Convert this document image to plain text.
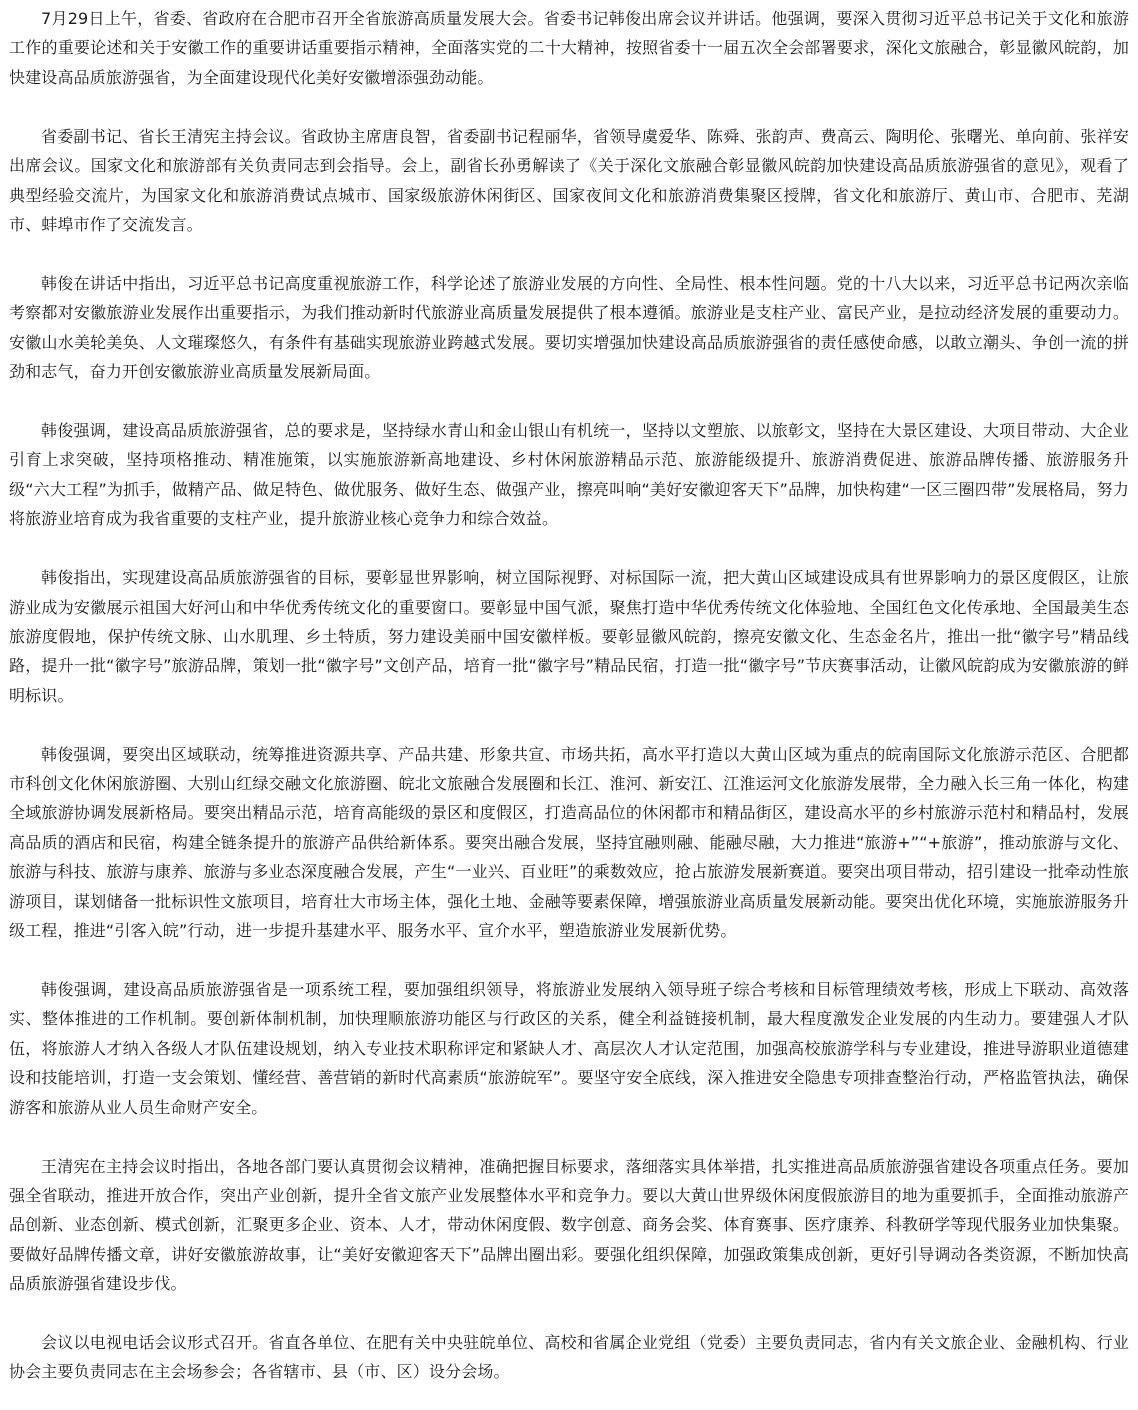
7月29日上午，省委、省政府在合肥市召开全省旅游高质量发展大会。省委书记韩俊出席会议并讲话。他强调，要深入贯彻习近平总书记关于文化和旅游工作的重要论述和关于安徽工作的重要讲话重要指示精神，全面落实党的二十大精神，按照省委十一届五次全会部署要求，深化文旅融合，彰显徽风皖韵，加快建设高品质旅游强省，为全面建设现代化美好安徽增添强劲动能。

省委副书记、省长王清宪主持会议。省政协主席唐良智，省委副书记程丽华，省领导虞爱华、陈舜、张韵声、费高云、陶明伦、张曙光、单向前、张祥安出席会议。国家文化和旅游部有关负责同志到会指导。会上，副省长孙勇解读了《关于深化文旅融合彰显徽风皖韵加快建设高品质旅游强省的意见》，观看了典型经验交流片，为国家文化和旅游消费试点城市、国家级旅游休闲街区、国家夜间文化和旅游消费集聚区授牌，省文化和旅游厅、黄山市、合肥市、芜湖市、蚌埠市作了交流发言。

韩俊在讲话中指出，习近平总书记高度重视旅游工作，科学论述了旅游业发展的方向性、全局性、根本性问题。党的十八大以来，习近平总书记两次亲临考察都对安徽旅游业发展作出重要指示，为我们推动新时代旅游业高质量发展提供了根本遵循。旅游业是支柱产业、富民产业，是拉动经济发展的重要动力。安徽山水美轮美奂、人文璀璨悠久，有条件有基础实现旅游业跨越式发展。要切实增强加快建设高品质旅游强省的责任感使命感，以敢立潮头、争创一流的拼劲和志气，奋力开创安徽旅游业高质量发展新局面。

韩俊强调，建设高品质旅游强省，总的要求是，坚持绿水青山和金山银山有机统一，坚持以文塑旅、以旅彰文，坚持在大景区建设、大项目带动、大企业引育上求突破，坚持项格推动、精准施策，以实施旅游新高地建设、乡村休闲旅游精品示范、旅游能级提升、旅游消费促进、旅游品牌传播、旅游服务升级“六大工程”为抓手，做精产品、做足特色、做优服务、做好生态、做强产业，擦亮叫响“美好安徽迎客天下”品牌，加快构建“一区三圈四带”发展格局，努力将旅游业培育成为我省重要的支柱产业，提升旅游业核心竞争力和综合效益。

韩俊指出，实现建设高品质旅游强省的目标，要彰显世界影响，树立国际视野、对标国际一流，把大黄山区域建设成具有世界影响力的景区度假区，让旅游业成为安徽展示祖国大好河山和中华优秀传统文化的重要窗口。要彰显中国气派，聚焦打造中华优秀传统文化体验地、全国红色文化传承地、全国最美生态旅游度假地，保护传统文脉、山水肌理、乡土特质，努力建设美丽中国安徽样板。要彰显徽风皖韵，擦亮安徽文化、生态金名片，推出一批“徽字号”精品线路，提升一批“徽字号”旅游品牌，策划一批“徽字号”文创产品，培育一批“徽字号”精品民宿，打造一批“徽字号”节庆赛事活动，让徽风皖韵成为安徽旅游的鲜明标识。

韩俊强调，要突出区域联动，统筹推进资源共享、产品共建、形象共宣、市场共拓，高水平打造以大黄山区域为重点的皖南国际文化旅游示范区、合肥都市科创文化休闲旅游圈、大别山红绿交融文化旅游圈、皖北文旅融合发展圈和长江、淮河、新安江、江淮运河文化旅游发展带，全力融入长三角一体化，构建全域旅游协调发展新格局。要突出精品示范，培育高能级的景区和度假区，打造高品位的休闲都市和精品街区，建设高水平的乡村旅游示范村和精品村，发展高品质的酒店和民宿，构建全链条提升的旅游产品供给新体系。要突出融合发展，坚持宜融则融、能融尽融，大力推进“旅游+”“+旅游”，推动旅游与文化、旅游与科技、旅游与康养、旅游与多业态深度融合发展，产生“一业兴、百业旺”的乘数效应，抢占旅游发展新赛道。要突出项目带动，招引建设一批牵动性旅游项目，谋划储备一批标识性文旅项目，培育壮大市场主体，强化土地、金融等要素保障，增强旅游业高质量发展新动能。要突出优化环境，实施旅游服务升级工程，推进“引客入皖”行动，进一步提升基建水平、服务水平、宣介水平，塑造旅游业发展新优势。

韩俊强调，建设高品质旅游强省是一项系统工程，要加强组织领导，将旅游业发展纳入领导班子综合考核和目标管理绩效考核，形成上下联动、高效落实、整体推进的工作机制。要创新体制机制，加快理顺旅游功能区与行政区的关系，健全利益链接机制，最大程度激发企业发展的内生动力。要建强人才队伍，将旅游人才纳入各级人才队伍建设规划，纳入专业技术职称评定和紧缺人才、高层次人才认定范围，加强高校旅游学科与专业建设，推进导游职业道德建设和技能培训，打造一支会策划、懂经营、善营销的新时代高素质“旅游皖军”。要坚守安全底线，深入推进安全隐患专项排查整治行动，严格监管执法，确保游客和旅游从业人员生命财产安全。

王清宪在主持会议时指出，各地各部门要认真贯彻会议精神，准确把握目标要求，落细落实具体举措，扎实推进高品质旅游强省建设各项重点任务。要加强全省联动，推进开放合作，突出产业创新，提升全省文旅产业发展整体水平和竞争力。要以大黄山世界级休闲度假旅游目的地为重要抓手，全面推动旅游产品创新、业态创新、模式创新，汇聚更多企业、资本、人才，带动休闲度假、数字创意、商务会奖、体育赛事、医疗康养、科教研学等现代服务业加快集聚。要做好品牌传播文章，讲好安徽旅游故事，让“美好安徽迎客天下”品牌出圈出彩。要强化组织保障，加强政策集成创新，更好引导调动各类资源，不断加快高品质旅游强省建设步伐。

会议以电视电话会议形式召开。省直各单位、在肥有关中央驻皖单位、高校和省属企业党组（党委）主要负责同志，省内有关文旅企业、金融机构、行业协会主要负责同志在主会场参会；各省辖市、县（市、区）设分会场。
